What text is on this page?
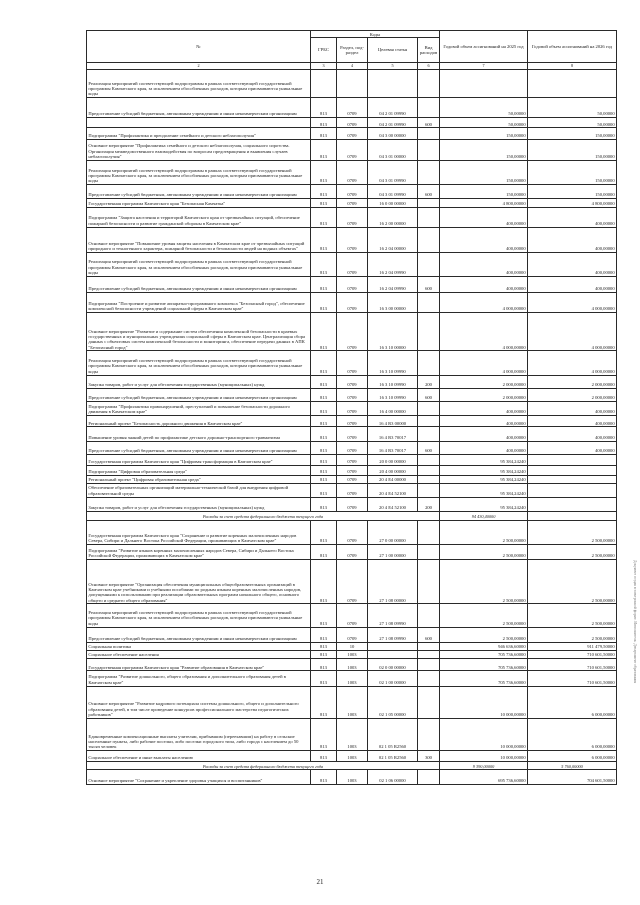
№	Коды				Годовой объем ассигнований на 2025 год	Годовой объем ассигнований на 2026 год
	ГРБС	Раздел, под-раздел	Целевая статья	Вид расходов		
2	3	4	5	6	7	8
Реализация мероприятий соответствующей подпрограммы в рамках соответствующей государственной программы Камчатского края, за исключением обособленных расходов, которым присваиваются уникальные коды						
Предоставление субсидий бюджетным, автономным учреждениям и иным некоммерческим организациям	813	0709	04 2 01 09990		50,00000	50,00000
	813	0709	04 2 01 09990	600	50,00000	50,00000
Подпрограмма "Профилактика и преодоление семейного и детского неблагополучия"	813	0709	04 3 00 00000		150,00000	150,00000
Основное мероприятие "Профилактика семейного и детского неблагополучия, социального сиротства. Организация межведомственного взаимодействия по вопросам предотвращения и выявления случаев неблагополучия"	813	0709	04 3 01 00000		150,00000	150,00000
Реализация мероприятий соответствующей подпрограммы в рамках соответствующей государственной программы Камчатского края, за исключением обособленных расходов, которым присваиваются уникальные коды	813	0709	04 3 01 09990		150,00000	150,00000
Предоставление субсидий бюджетным, автономным учреждениям и иным некоммерческим организациям	813	0709	04 3 01 09990	600	150,00000	150,00000
Государственная программа Камчатского края "Безопасная Камчатка"	813	0709	16 0 00 00000		4 800,00000	4 800,00000
Подпрограмма "Защита населения и территорий Камчатского края от чрезвычайных ситуаций, обеспечение пожарной безопасности и развитие гражданской обороны в Камчатском крае"	813	0709	16 2 00 00000		400,00000	400,00000
Основное мероприятие "Повышение уровня защиты населения в Камчатском крае от чрезвычайных ситуаций природного и техногенного характера, пожарной безопасности и безопасности людей на водных объектах"	813	0709	16 2 04 00000		400,00000	400,00000
Реализация мероприятий соответствующей подпрограммы в рамках соответствующей государственной программы Камчатского края, за исключением обособленных расходов, которым присваиваются уникальные коды	813	0709	16 2 04 09990		400,00000	400,00000
Предоставление субсидий бюджетным, автономным учреждениям и иным некоммерческим организациям	813	0709	16 2 04 09990	600	400,00000	400,00000
Подпрограмма "Построение и развитие аппаратно-программного комплекса "Безопасный город", обеспечение комплексной безопасности учреждений социальной сферы в Камчатском крае"	813	0709	16 3 00 00000		4 000,00000	4 000,00000
Основное мероприятие "Развитие и содержание систем обеспечения комплексной безопасности в краевых государственных и муниципальных учреждениях социальной сферы в Камчатском крае. Централизация сбора данных с объектовых систем комплексной безопасности и мониторинга, обеспечение передачи данных в АПК "Безопасный город"	813	0709	16 3 10 00000		4 000,00000	4 000,00000
Реализация мероприятий соответствующей подпрограммы в рамках соответствующей государственной программы Камчатского края, за исключением обособленных расходов, которым присваиваются уникальные коды	813	0709	16 3 10 09990		4 000,00000	4 000,00000
Закупка товаров, работ и услуг для обеспечения государственных (муниципальных) нужд	813	0709	16 3 10 09990	200	2 000,00000	2 000,00000
Предоставление субсидий бюджетным, автономным учреждениям и иным некоммерческим организациям	813	0709	16 3 10 09990	600	2 000,00000	2 000,00000
Подпрограмма "Профилактика правонарушений, преступлений и повышение безопасности дорожного движения в Камчатском крае"	813	0709	16 4 00 00000		400,00000	400,00000
Региональный проект "Безопасность дорожного движения в Камчатском крае"	813	0709	16 4 R3 00000		400,00000	400,00000
Повышение уровня знаний детей по профилактике детского дорожно-транспортного травматизма	813	0709	16 4 R3 70017		400,00000	400,00000
Предоставление субсидий бюджетным, автономным учреждениям и иным некоммерческим организациям	813	0709	16 4 R3 70017	600	400,00000	400,00000
Государственная программа Камчатского края "Цифровая трансформация в Камчатском крае"	813	0709	20 0 00 00000		95 384,24240	
Подпрограмма "Цифровая образовательная среда"	813	0709	20 4 00 00000		95 384,24240	
Региональный проект "Цифровая образовательная среда"	813	0709	20 4 E4 00000		95 384,24240	
Обеспечение образовательных организаций материально-технической базой для внедрения цифровой образовательной среды	813	0709	20 4 E4 52100		95 384,24240	
Закупка товаров, работ и услуг для обеспечения государственных (муниципальных) нужд	813	0709	20 4 E4 52100	200	95 384,24240	
Расходы за счет средств федерального бюджета текущего года					94 430,40000	
Государственная программа Камчатского края "Сохранение и развитие коренных малочисленных народов Севера, Сибири и Дальнего Востока Российской Федерации, проживающих в Камчатском крае"	813	0709	27 0 00 00000		2 500,00000	2 500,00000
Подпрограмма "Развитие языков коренных малочисленных народов Севера, Сибири и Дальнего Востока Российской Федерации, проживающих в Камчатском крае"	813	0709	27 1 00 00000		2 500,00000	2 500,00000
Основное мероприятие "Организация обеспечения муниципальных общеобразовательных организаций в Камчатском крае учебниками и учебными пособиями по родным языкам коренных малочисленных народов, допущенными к использованию при реализации образовательных программ начального общего, основного общего и среднего общего образования"	813	0709	27 1 08 00000		2 500,00000	2 500,00000
Реализация мероприятий соответствующей подпрограммы в рамках соответствующей государственной программы Камчатского края, за исключением обособленных расходов, которым присваиваются уникальные коды	813	0709	27 1 08 09990		2 500,00000	2 500,00000
Предоставление субсидий бюджетным, автономным учреждениям и иным некоммерческим организациям	813	0709	27 1 08 09990	600	2 500,00000	2 500,00000
Социальная политика	813	10			946 636,60000	911 479,50000
Социальное обеспечение населения	813	1003			705 736,60000	710 601,50000
Государственная программа Камчатского края "Развитие образования в Камчатском крае"	813	1003	02 0 00 00000		705 736,60000	710 601,50000
Подпрограмма "Развитие дошкольного, общего образования и дополнительного образования детей в Камчатском крае"	813	1003	02 1 00 00000		705 736,60000	710 601,50000
Основное мероприятие "Развитие кадрового потенциала системы дошкольного, общего и дополнительного образования детей, в том числе проведение конкурсов профессионального мастерства педагогических работников"	813	1003	02 1 05 00000		10 000,00000	6 000,00000
Единовременные компенсационные выплаты учителям, прибывшим (переехавшим) на работу в сельские населенные пункты, либо рабочие поселки, либо поселки городского типа, либо города с населением до 50 тысяч человек	813	1003	02 1 05 R2560		10 000,00000	6 000,00000
Социальное обеспечение и иные выплаты населению	813	1003	02 1 05 R2560	300	10 000,00000	6 000,00000
Расходы за счет средств федерального бюджета текущего года					9 390,00000	5 760,00000
Основное мероприятие "Сохранение и укрепление здоровья учащихся и воспитанников"	813	1003	02 1 06 00000		695 736,60000	704 601,50000
21
Документ создан в электронной форме. Исполнитель: Департамент образования
